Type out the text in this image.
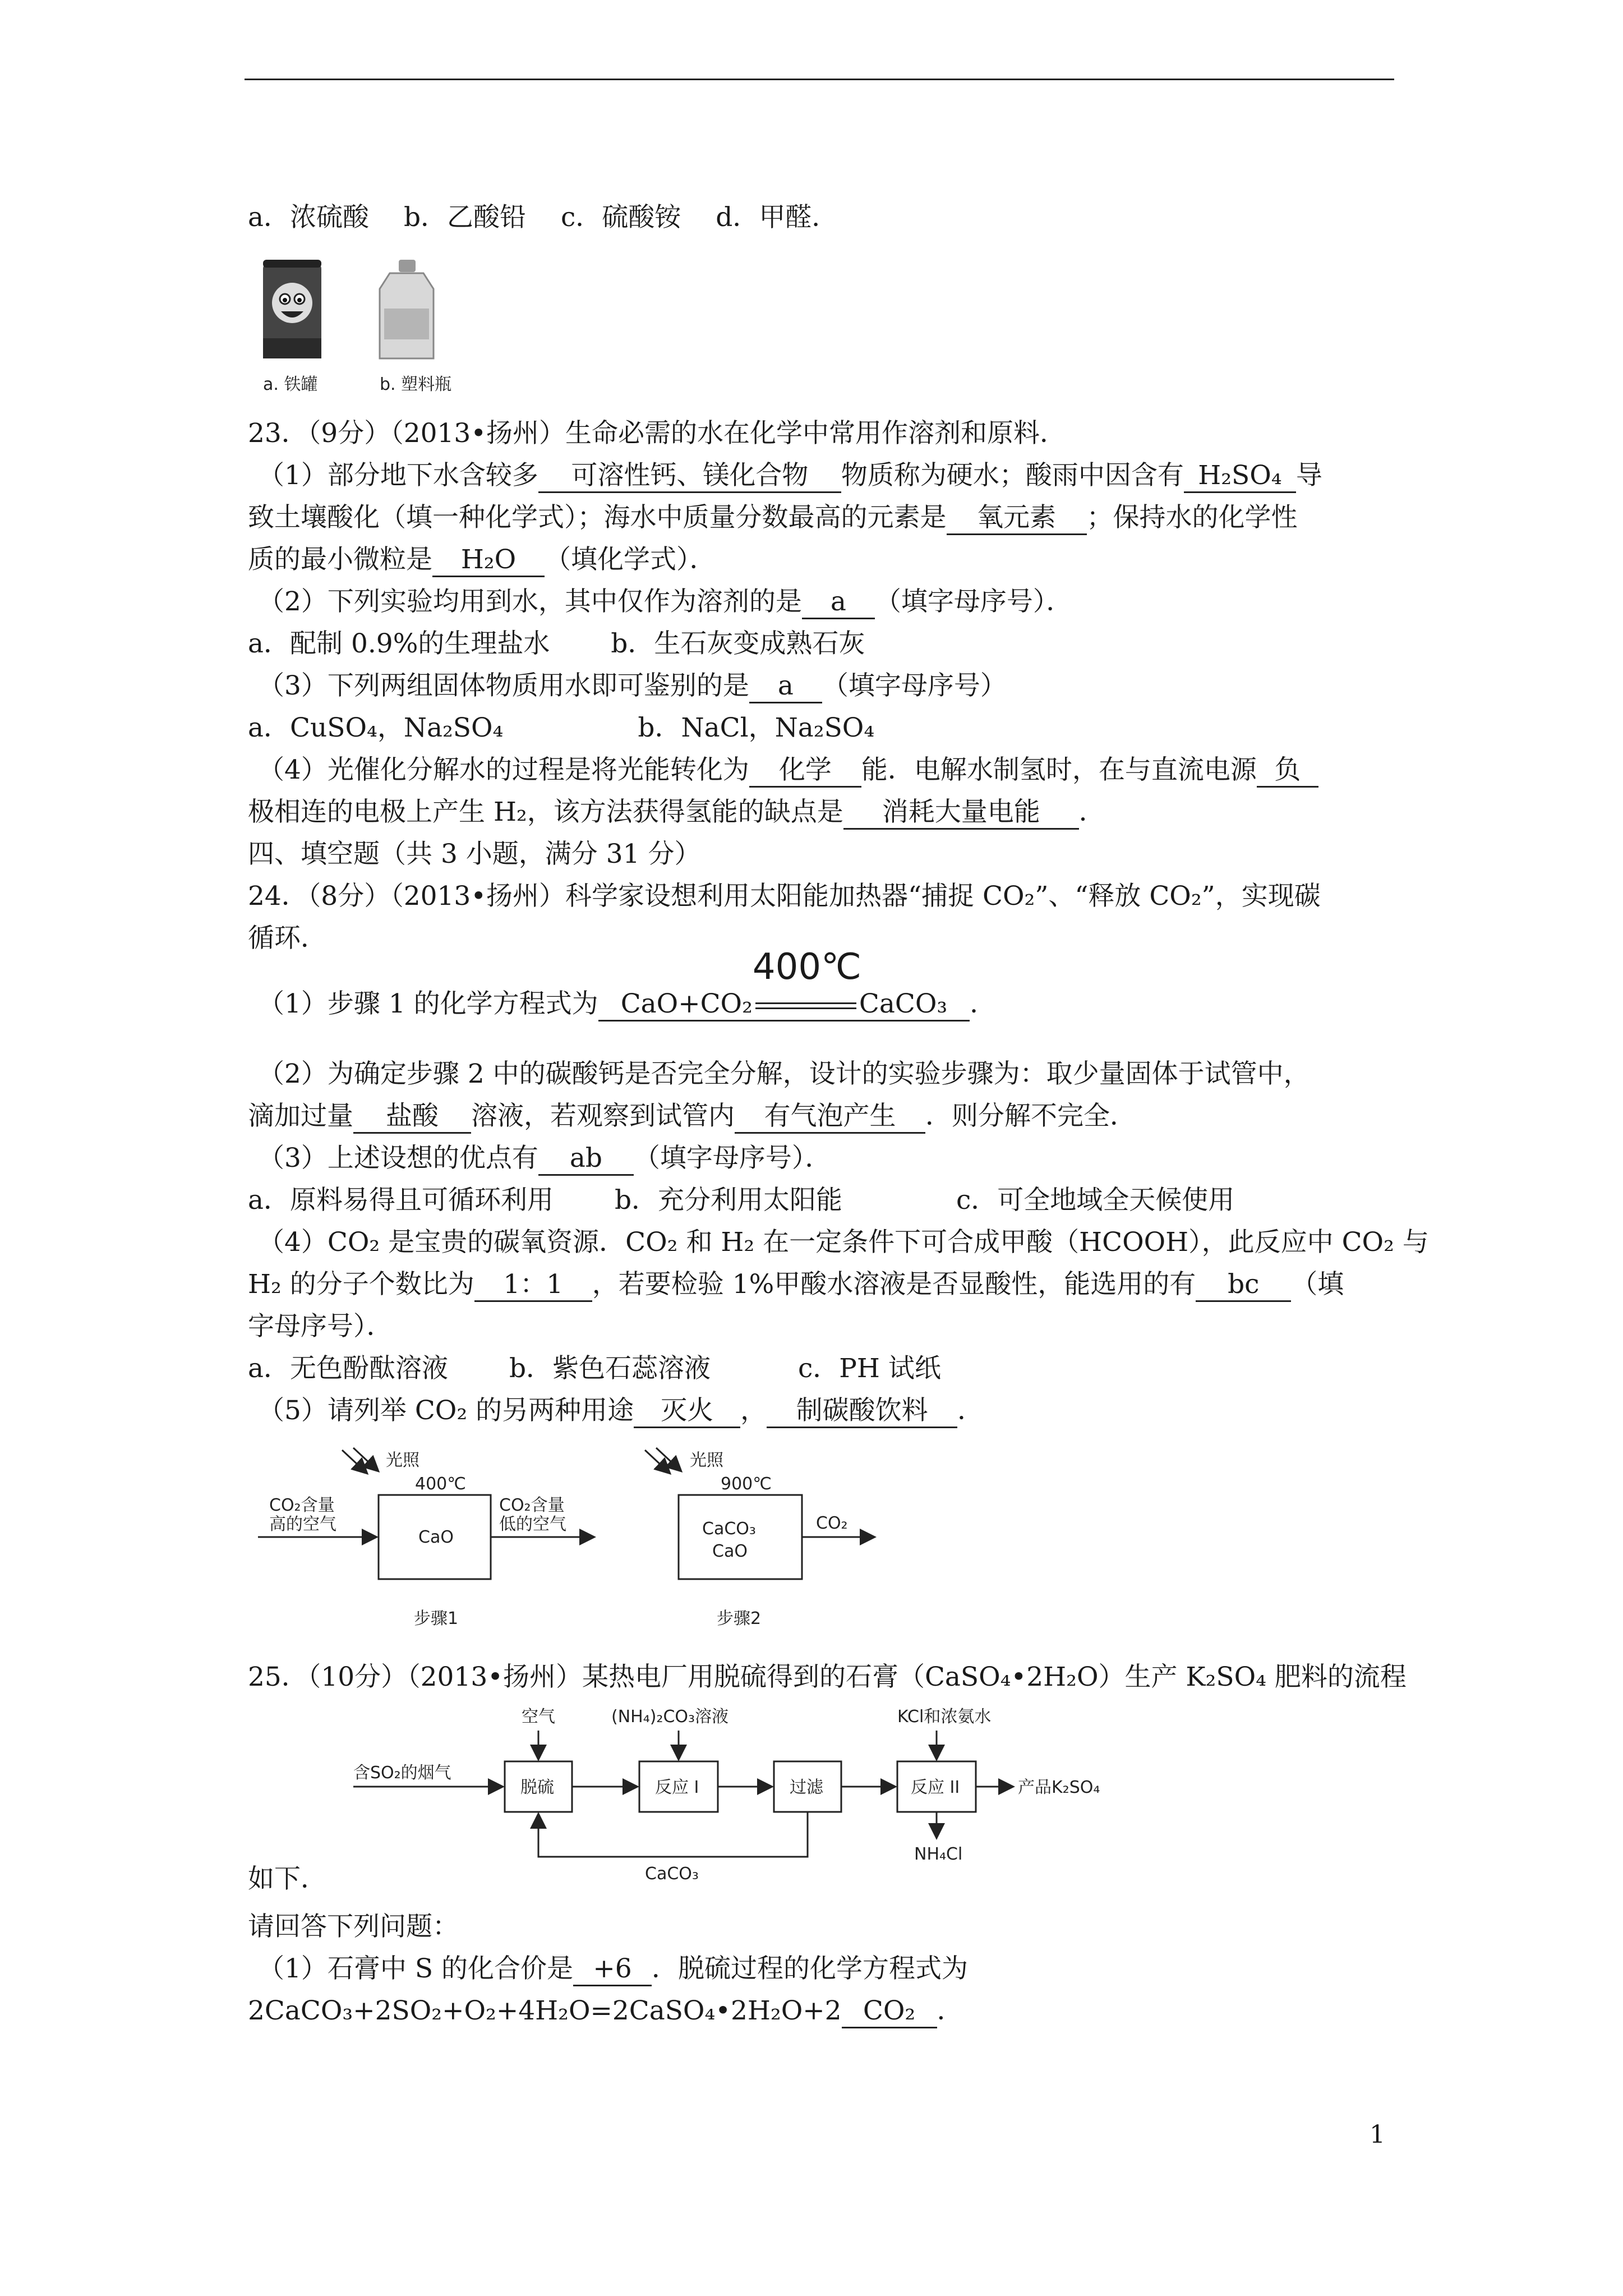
a．浓硫酸　 b．乙酸铅　 c．硫酸铵　 d．甲醛．
a. 铁罐	b. 塑料瓶
23．（9分）（2013•扬州）生命必需的水在化学中常用作溶剂和原料．
（1）部分地下水含较多 可溶性钙、镁化合物 物质称为硬水；酸雨中因含有 H₂SO₄ 导
致土壤酸化（填一种化学式）；海水中质量分数最高的元素是 氧元素 ；保持水的化学性
质的最小微粒是 H₂O （填化学式）．
（2）下列实验均用到水，其中仅作为溶剂的是 a （填字母序号）．
a．配制 0.9%的生理盐水　　 b．生石灰变成熟石灰
（3）下列两组固体物质用水即可鉴别的是 a （填字母序号）
a．CuSO₄，Na₂SO₄	b．NaCl，Na₂SO₄
（4）光催化分解水的过程是将光能转化为 化学 能．电解水制氢时，在与直流电源 负
极相连的电极上产生 H₂，该方法获得氢能的缺点是 消耗大量电能 ．
四、填空题（共 3 小题，满分 31 分）
24．（8分）（2013•扬州）科学家设想利用太阳能加热器“捕捉 CO₂”、“释放 CO₂”，实现碳
循环．
（1）步骤 1 的化学方程式为 CaO+CO₂
400℃
CaCO₃ ．
（2）为确定步骤 2 中的碳酸钙是否完全分解，设计的实验步骤为：取少量固体于试管中，
滴加过量 盐酸 溶液，若观察到试管内 有气泡产生 ．则分解不完全．
（3）上述设想的优点有 ab （填字母序号）．
a．原料易得且可循环利用　　 b．充分利用太阳能　　　　 c．可全地域全天候使用
（4）CO₂ 是宝贵的碳氧资源．CO₂ 和 H₂ 在一定条件下可合成甲酸（HCOOH），此反应中 CO₂ 与
H₂ 的分子个数比为 1：1 ，若要检验 1%甲酸水溶液是否显酸性，能选用的有 bc （填
字母序号）．
a．无色酚酞溶液　　 b．紫色石蕊溶液　　　 c．PH 试纸
（5）请列举 CO₂ 的另两种用途 灭火 ， 制碳酸饮料 ．
光照
400℃
CO₂含量
高的空气
CaO
CO₂含量
低的空气
步骤1
光照
900℃
CaCO₃
CaO
CO₂
步骤2
25．（10分）（2013•扬州）某热电厂用脱硫得到的石膏（CaSO₄•2H₂O）生产 K₂SO₄ 肥料的流程
含SO₂的烟气
空气	(NH₄)₂CO₃溶液	KCl和浓氨水
脱硫	反应 I	过滤	反应 II	产品K₂SO₄
NH₄Cl
CaCO₃
如下．
请回答下列问题：
（1）石膏中 S 的化合价是 +6 ．脱硫过程的化学方程式为
2CaCO₃+2SO₂+O₂+4H₂O=2CaSO₄•2H₂O+2 CO₂ ．
1
